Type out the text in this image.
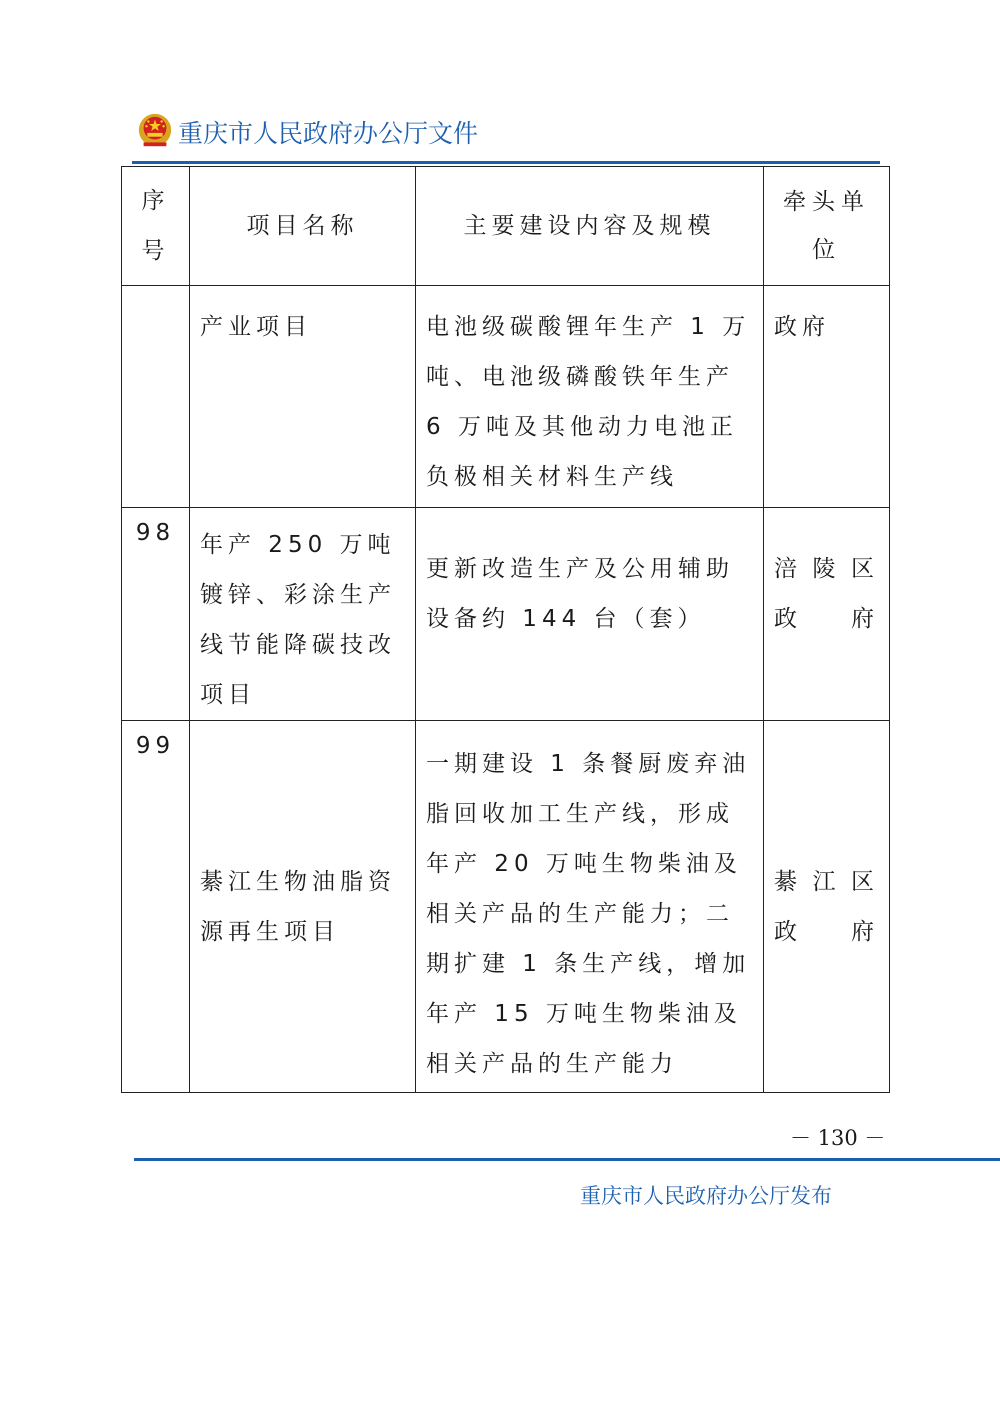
重庆市人民政府办公厅文件
序号	项目名称	主要建设内容及规模	牵头单位

	产业项目	电池级碳酸锂年生产 1 万吨、电池级磷酸铁年生产 6 万吨及其他动力电池正负极相关材料生产线	政府

98	年产 250 万吨镀锌、彩涂生产线节能降碳技改项目	更新改造生产及公用辅助设备约 144 台（套）	涪陵区政府

99	綦江生物油脂资源再生项目	一期建设 1 条餐厨废弃油脂回收加工生产线，形成年产 20 万吨生物柴油及相关产品的生产能力；二期扩建 1 条生产线，增加年产 15 万吨生物柴油及相关产品的生产能力	綦江区政府
－ 130 －
重庆市人民政府办公厅发布
